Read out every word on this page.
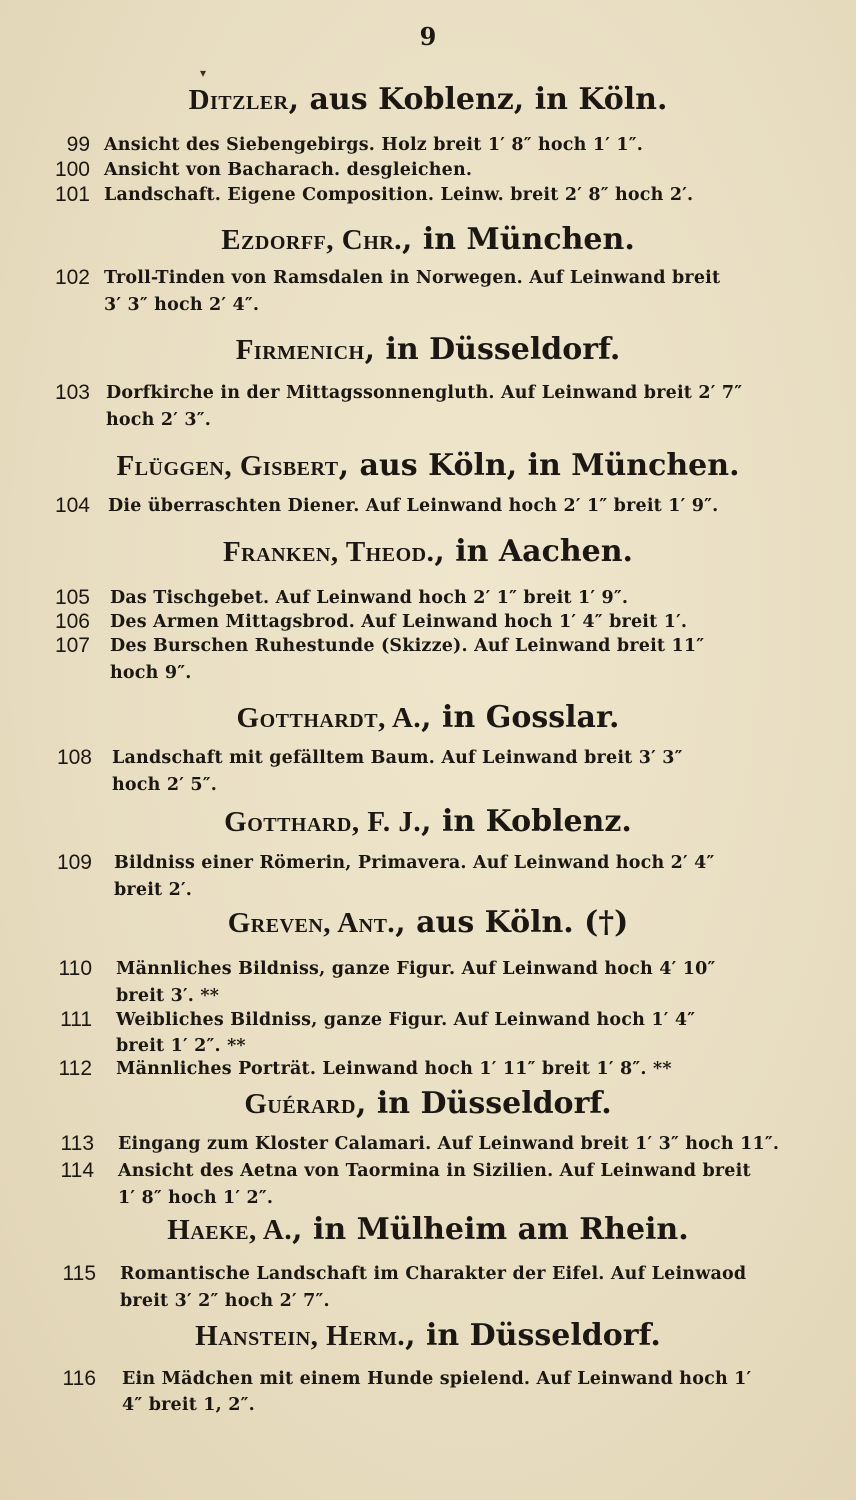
9
▾
Ditzler, aus Koblenz, in Köln.
99 Ansicht des Siebengebirgs. Holz breit 1′ 8″ hoch 1′ 1″.
100 Ansicht von Bacharach. desgleichen.
101 Landschaft. Eigene Composition. Leinw. breit 2′ 8″ hoch 2′.
Ezdorff, Chr., in München.
102 Troll-Tinden von Ramsdalen in Norwegen. Auf Leinwand breit
3′ 3″ hoch 2′ 4″.
Firmenich, in Düsseldorf.
103 Dorfkirche in der Mittagssonnengluth. Auf Leinwand breit 2′ 7″
hoch 2′ 3″.
Flüggen, Gisbert, aus Köln, in München.
104 Die überraschten Diener. Auf Leinwand hoch 2′ 1″ breit 1′ 9″.
Franken, Theod., in Aachen.
105 Das Tischgebet. Auf Leinwand hoch 2′ 1″ breit 1′ 9″.
106 Des Armen Mittagsbrod. Auf Leinwand hoch 1′ 4″ breit 1′.
107 Des Burschen Ruhestunde (Skizze). Auf Leinwand breit 11″
hoch 9″.
Gotthardt, A., in Gosslar.
108 Landschaft mit gefälltem Baum. Auf Leinwand breit 3′ 3″
hoch 2′ 5″.
Gotthard, F. J., in Koblenz.
109 Bildniss einer Römerin, Primavera. Auf Leinwand hoch 2′ 4″
breit 2′.
Greven, Ant., aus Köln. (†)
110 Männliches Bildniss, ganze Figur. Auf Leinwand hoch 4′ 10″
breit 3′. **
111 Weibliches Bildniss, ganze Figur. Auf Leinwand hoch 1′ 4″
breit 1′ 2″. **
112 Männliches Porträt. Leinwand hoch 1′ 11″ breit 1′ 8″. **
Guérard, in Düsseldorf.
113 Eingang zum Kloster Calamari. Auf Leinwand breit 1′ 3″ hoch 11″.
114 Ansicht des Aetna von Taormina in Sizilien. Auf Leinwand breit
1′ 8″ hoch 1′ 2″.
Haeke, A., in Mülheim am Rhein.
115 Romantische Landschaft im Charakter der Eifel. Auf Leinwaod
breit 3′ 2″ hoch 2′ 7″.
Hanstein, Herm., in Düsseldorf.
116 Ein Mädchen mit einem Hunde spielend. Auf Leinwand hoch 1′
4″ breit 1, 2″.
